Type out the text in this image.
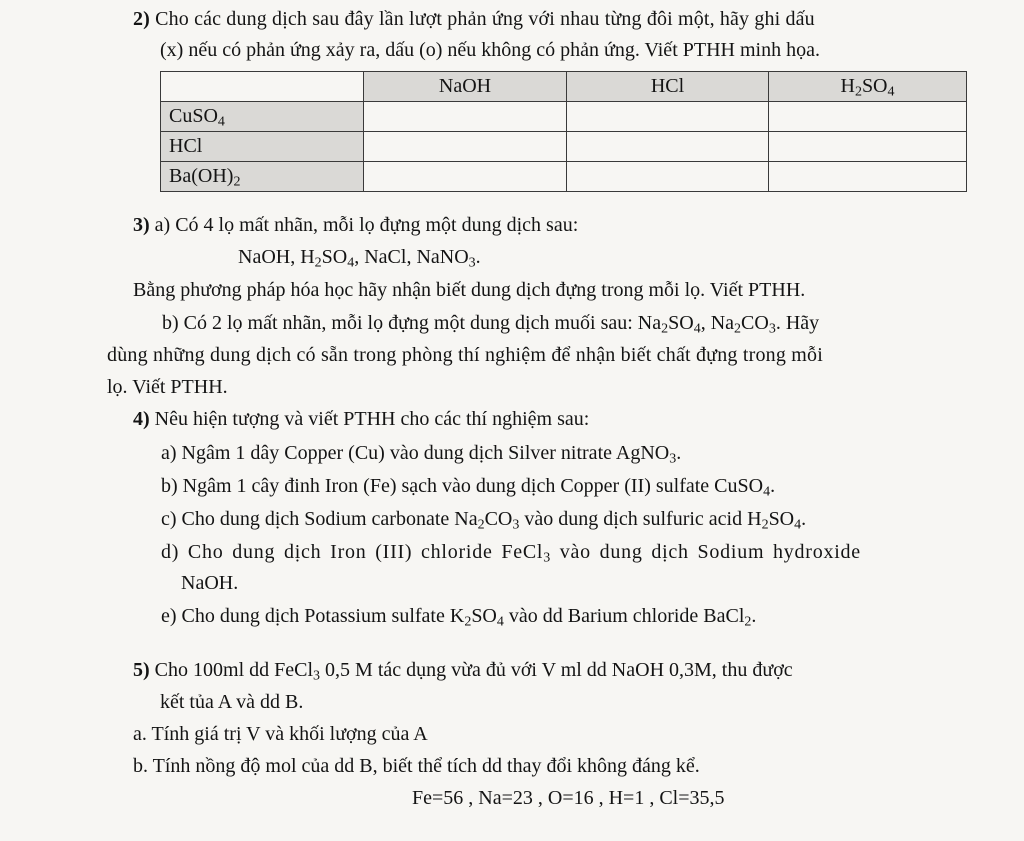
2) Cho các dung dịch sau đây lần lượt phản ứng với nhau từng đôi một, hãy ghi dấu
(x) nếu có phản ứng xảy ra, dấu (o) nếu không có phản ứng. Viết PTHH minh họa.
	NaOH	HCl	$H_2SO_4$
CuSO$_4$			
HCl			
$Ba(OH)_2$			
3) a) Có 4 lọ mất nhãn, mỗi lọ đựng một dung dịch sau:
NaOH, $H_2SO_4$, NaCl, NaNO$_3$.
Bằng phương pháp hóa học hãy nhận biết dung dịch đựng trong mỗi lọ. Viết PTHH.
b) Có 2 lọ mất nhãn, mỗi lọ đựng một dung dịch muối sau: $Na_2SO_4$, $Na_2CO_3$. Hãy
dùng những dung dịch có sẵn trong phòng thí nghiệm để nhận biết chất đựng trong mỗi
lọ. Viết PTHH.
4) Nêu hiện tượng và viết PTHH cho các thí nghiệm sau:
a) Ngâm 1 dây Copper (Cu) vào dung dịch Silver nitrate AgNO$_3$.
b) Ngâm 1 cây đinh Iron (Fe) sạch vào dung dịch Copper (II) sulfate CuSO$_4$.
c) Cho dung dịch Sodium carbonate $Na_2CO_3$ vào dung dịch sulfuric acid $H_2SO_4$.
d) Cho dung dịch Iron (III) chloride FeCl$_3$ vào dung dịch Sodium hydroxide
NaOH.
e) Cho dung dịch Potassium sulfate $K_2SO_4$ vào dd Barium chloride BaCl$_2$.
5) Cho 100ml dd FeCl$_3$ 0,5 M tác dụng vừa đủ với V ml dd NaOH 0,3M, thu được
kết tủa A và dd B.
a. Tính giá trị V và khối lượng của A
b. Tính nồng độ mol của dd B, biết thể tích dd thay đổi không đáng kể.
Fe=56 , Na=23 , O=16 , H=1 , Cl=35,5
